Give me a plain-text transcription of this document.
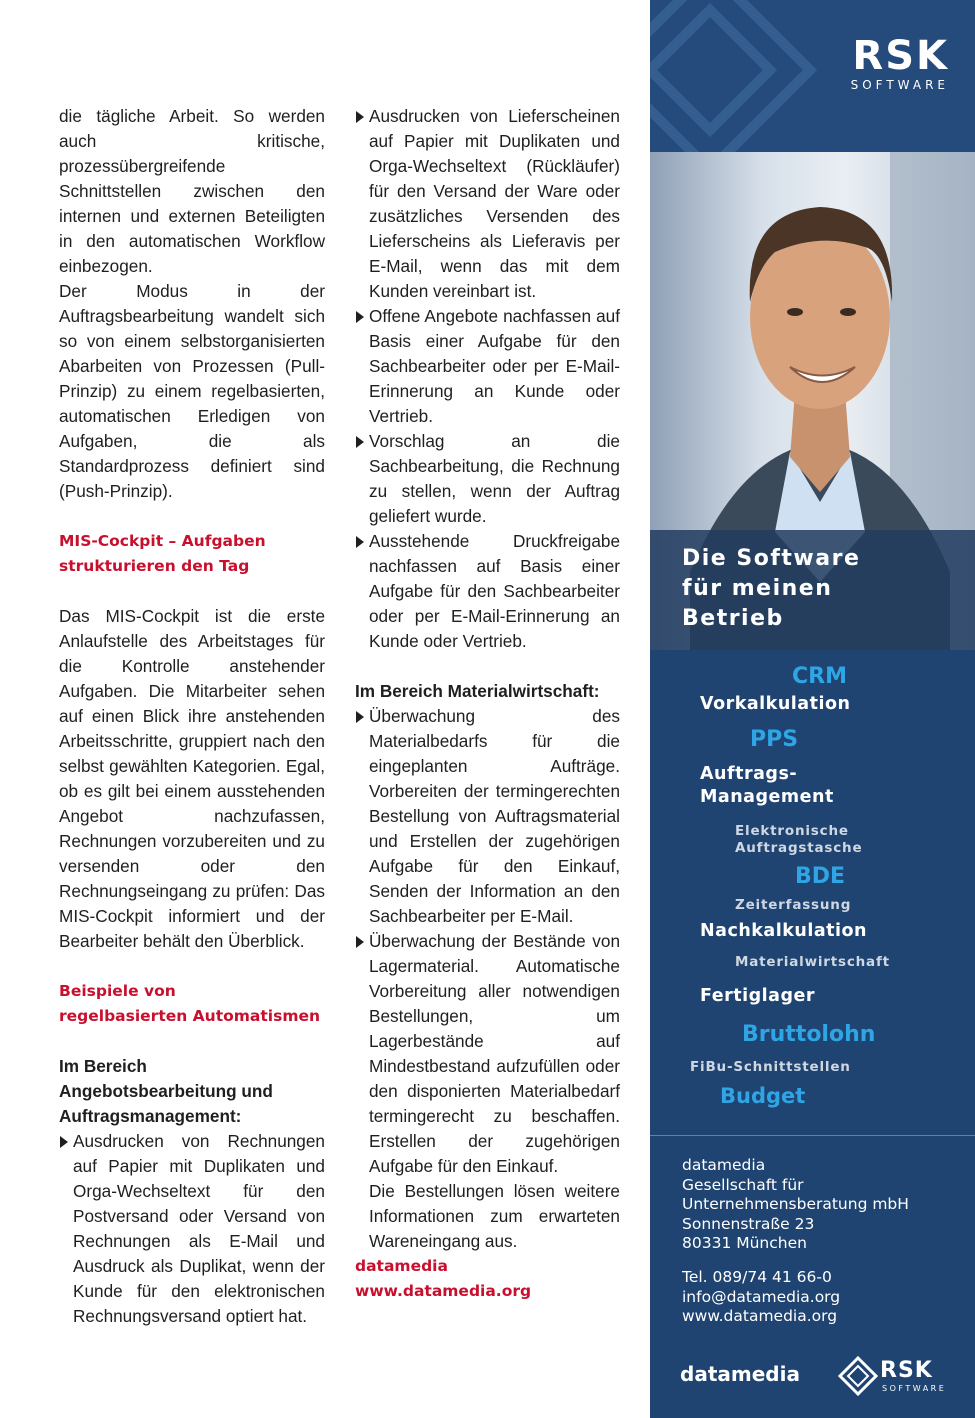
die tägliche Arbeit. So werden auch kritische, prozessübergreifende Schnittstellen zwischen den internen und externen Beteiligten in den automatischen Workflow einbezogen.

Der Modus in der Auftragsbearbeitung wandelt sich so von einem selbstorganisierten Abarbeiten von Prozessen (Pull-Prinzip) zu einem regelbasierten, automatischen Erledigen von Aufgaben, die als Standardprozess definiert sind (Push-Prinzip).

MIS-Cockpit – Aufgaben
strukturieren den Tag

Das MIS-Cockpit ist die erste Anlaufstelle des Arbeitstages für die Kontrolle anstehender Aufgaben. Die Mitarbeiter sehen auf einen Blick ihre anstehenden Arbeitsschritte, gruppiert nach den selbst gewählten Kategorien. Egal, ob es gilt bei einem ausstehenden Angebot nachzufassen, Rechnungen vorzubereiten und zu versenden oder den Rechnungseingang zu prüfen: Das MIS-Cockpit informiert und der Bearbeiter behält den Überblick.

Beispiele von
regelbasierten Automatismen

Im Bereich Angebotsbearbeitung und Auftragsmanagement:

Ausdrucken von Rechnungen auf Papier mit Duplikaten und Orga-Wechseltext für den Postversand oder Versand von Rechnungen als E-Mail und Ausdruck als Duplikat, wenn der Kunde für den elektronischen Rechnungsversand optiert hat.

Ausdrucken von Lieferscheinen auf Papier mit Duplikaten und Orga-Wechseltext (Rückläufer) für den Versand der Ware oder zusätzliches Versenden des Lieferscheins als Lieferavis per E-Mail, wenn das mit dem Kunden vereinbart ist.

Offene Angebote nachfassen auf Basis einer Aufgabe für den Sachbearbeiter oder per E-Mail-Erinnerung an Kunde oder Vertrieb.

Vorschlag an die Sachbearbeitung, die Rechnung zu stellen, wenn der Auftrag geliefert wurde.

Ausstehende Druckfreigabe nachfassen auf Basis einer Aufgabe für den Sachbearbeiter oder per E-Mail-Erinnerung an Kunde oder Vertrieb.

Im Bereich Materialwirtschaft:

Überwachung des Materialbedarfs für die eingeplanten Aufträge. Vorbereiten der termingerechten Bestellung von Auftragsmaterial und Erstellen der zugehörigen Aufgabe für den Einkauf, Senden der Information an den Sachbearbeiter per E-Mail.

Überwachung der Bestände von Lagermaterial. Automatische Vorbereitung aller notwendigen Bestellungen, um Lagerbestände auf Mindestbestand aufzufüllen oder den disponierten Materialbedarf termingerecht zu beschaffen. Erstellen der zugehörigen Aufgabe für den Einkauf.

Die Bestellungen lösen weitere Informationen zum erwarteten Wareneingang aus.

datamedia
www.datamedia.org
RSK
SOFTWARE
Die Software
für meinen
Betrieb
CRM
Vorkalkulation
PPS
Auftrags-
Management
Elektronische
Auftragstasche
BDE
Zeiterfassung
Nachkalkulation
Materialwirtschaft
Fertiglager
Bruttolohn
FiBu-Schnittstellen
Budget
datamedia
Gesellschaft für
Unternehmensberatung mbH
Sonnenstraße 23
80331 München
Tel. 089/74 41 66-0
info@datamedia.org
www.datamedia.org
datamedia	RSK
SOFTWARE
